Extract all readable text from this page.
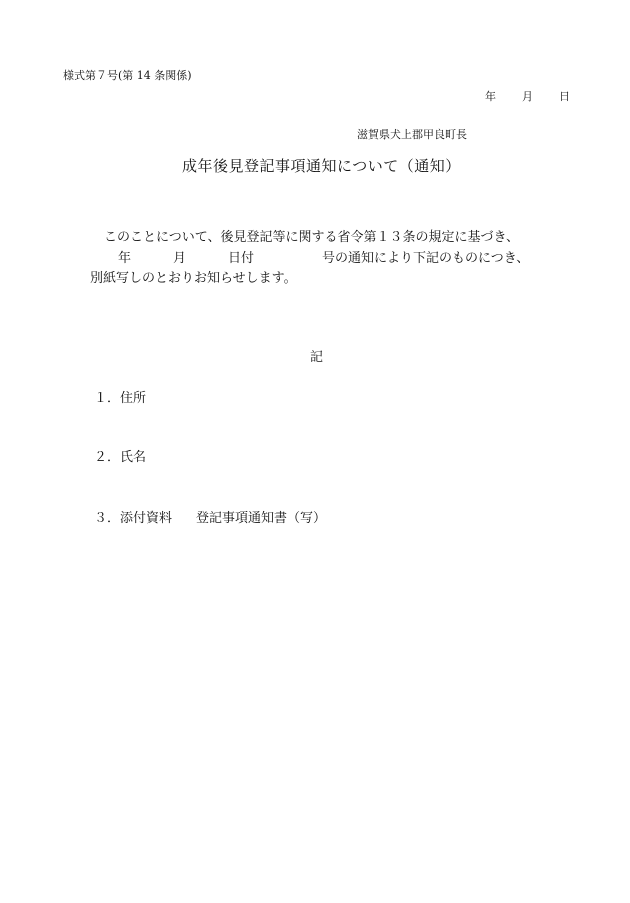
様式第７号(第 14 条関係)
年 月 日
滋賀県犬上郡甲良町長
成年後見登記事項通知について（通知）
このことについて、後見登記等に関する省令第１３条の規定に基づき、
年	月	日付	号の通知により下記のものにつき、
別紙写しのとおりお知らせします。
記
１．住所
２．氏名
３．添付資料 登記事項通知書（写）
